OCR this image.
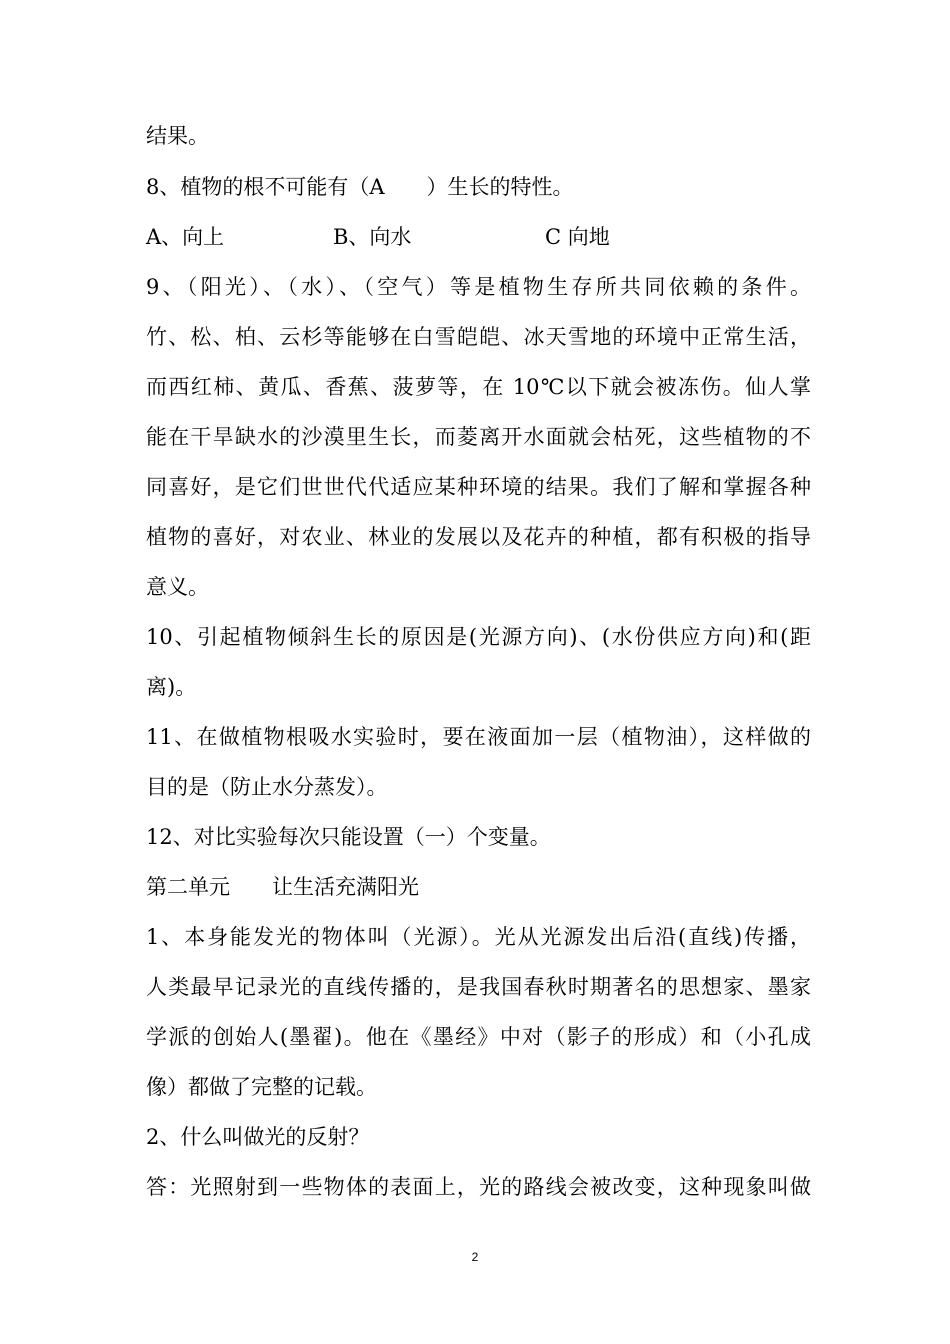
结果。
8、植物的根不可能有（A　　）生长的特性。
A、向上	B、向水	C 向地
9、（阳光）、（水）、（空气）等是植物生存所共同依赖的条件。
竹、松、柏、云杉等能够在白雪皑皑、冰天雪地的环境中正常生活，
而西红柿、黄瓜、香蕉、菠萝等，在 10℃以下就会被冻伤。仙人掌
能在干旱缺水的沙漠里生长，而菱离开水面就会枯死，这些植物的不
同喜好，是它们世世代代适应某种环境的结果。我们了解和掌握各种
植物的喜好，对农业、林业的发展以及花卉的种植，都有积极的指导
意义。
10、引起植物倾斜生长的原因是(光源方向)、(水份供应方向)和(距
离)。
11、在做植物根吸水实验时，要在液面加一层（植物油），这样做的
目的是（防止水分蒸发）。
12、对比实验每次只能设置（一）个变量。
第二单元　　让生活充满阳光
1、本身能发光的物体叫（光源）。光从光源发出后沿(直线)传播，
人类最早记录光的直线传播的，是我国春秋时期著名的思想家、墨家
学派的创始人(墨翟)。他在《墨经》中对（影子的形成）和（小孔成
像）都做了完整的记载。
2、什么叫做光的反射？
答：光照射到一些物体的表面上，光的路线会被改变，这种现象叫做
2
